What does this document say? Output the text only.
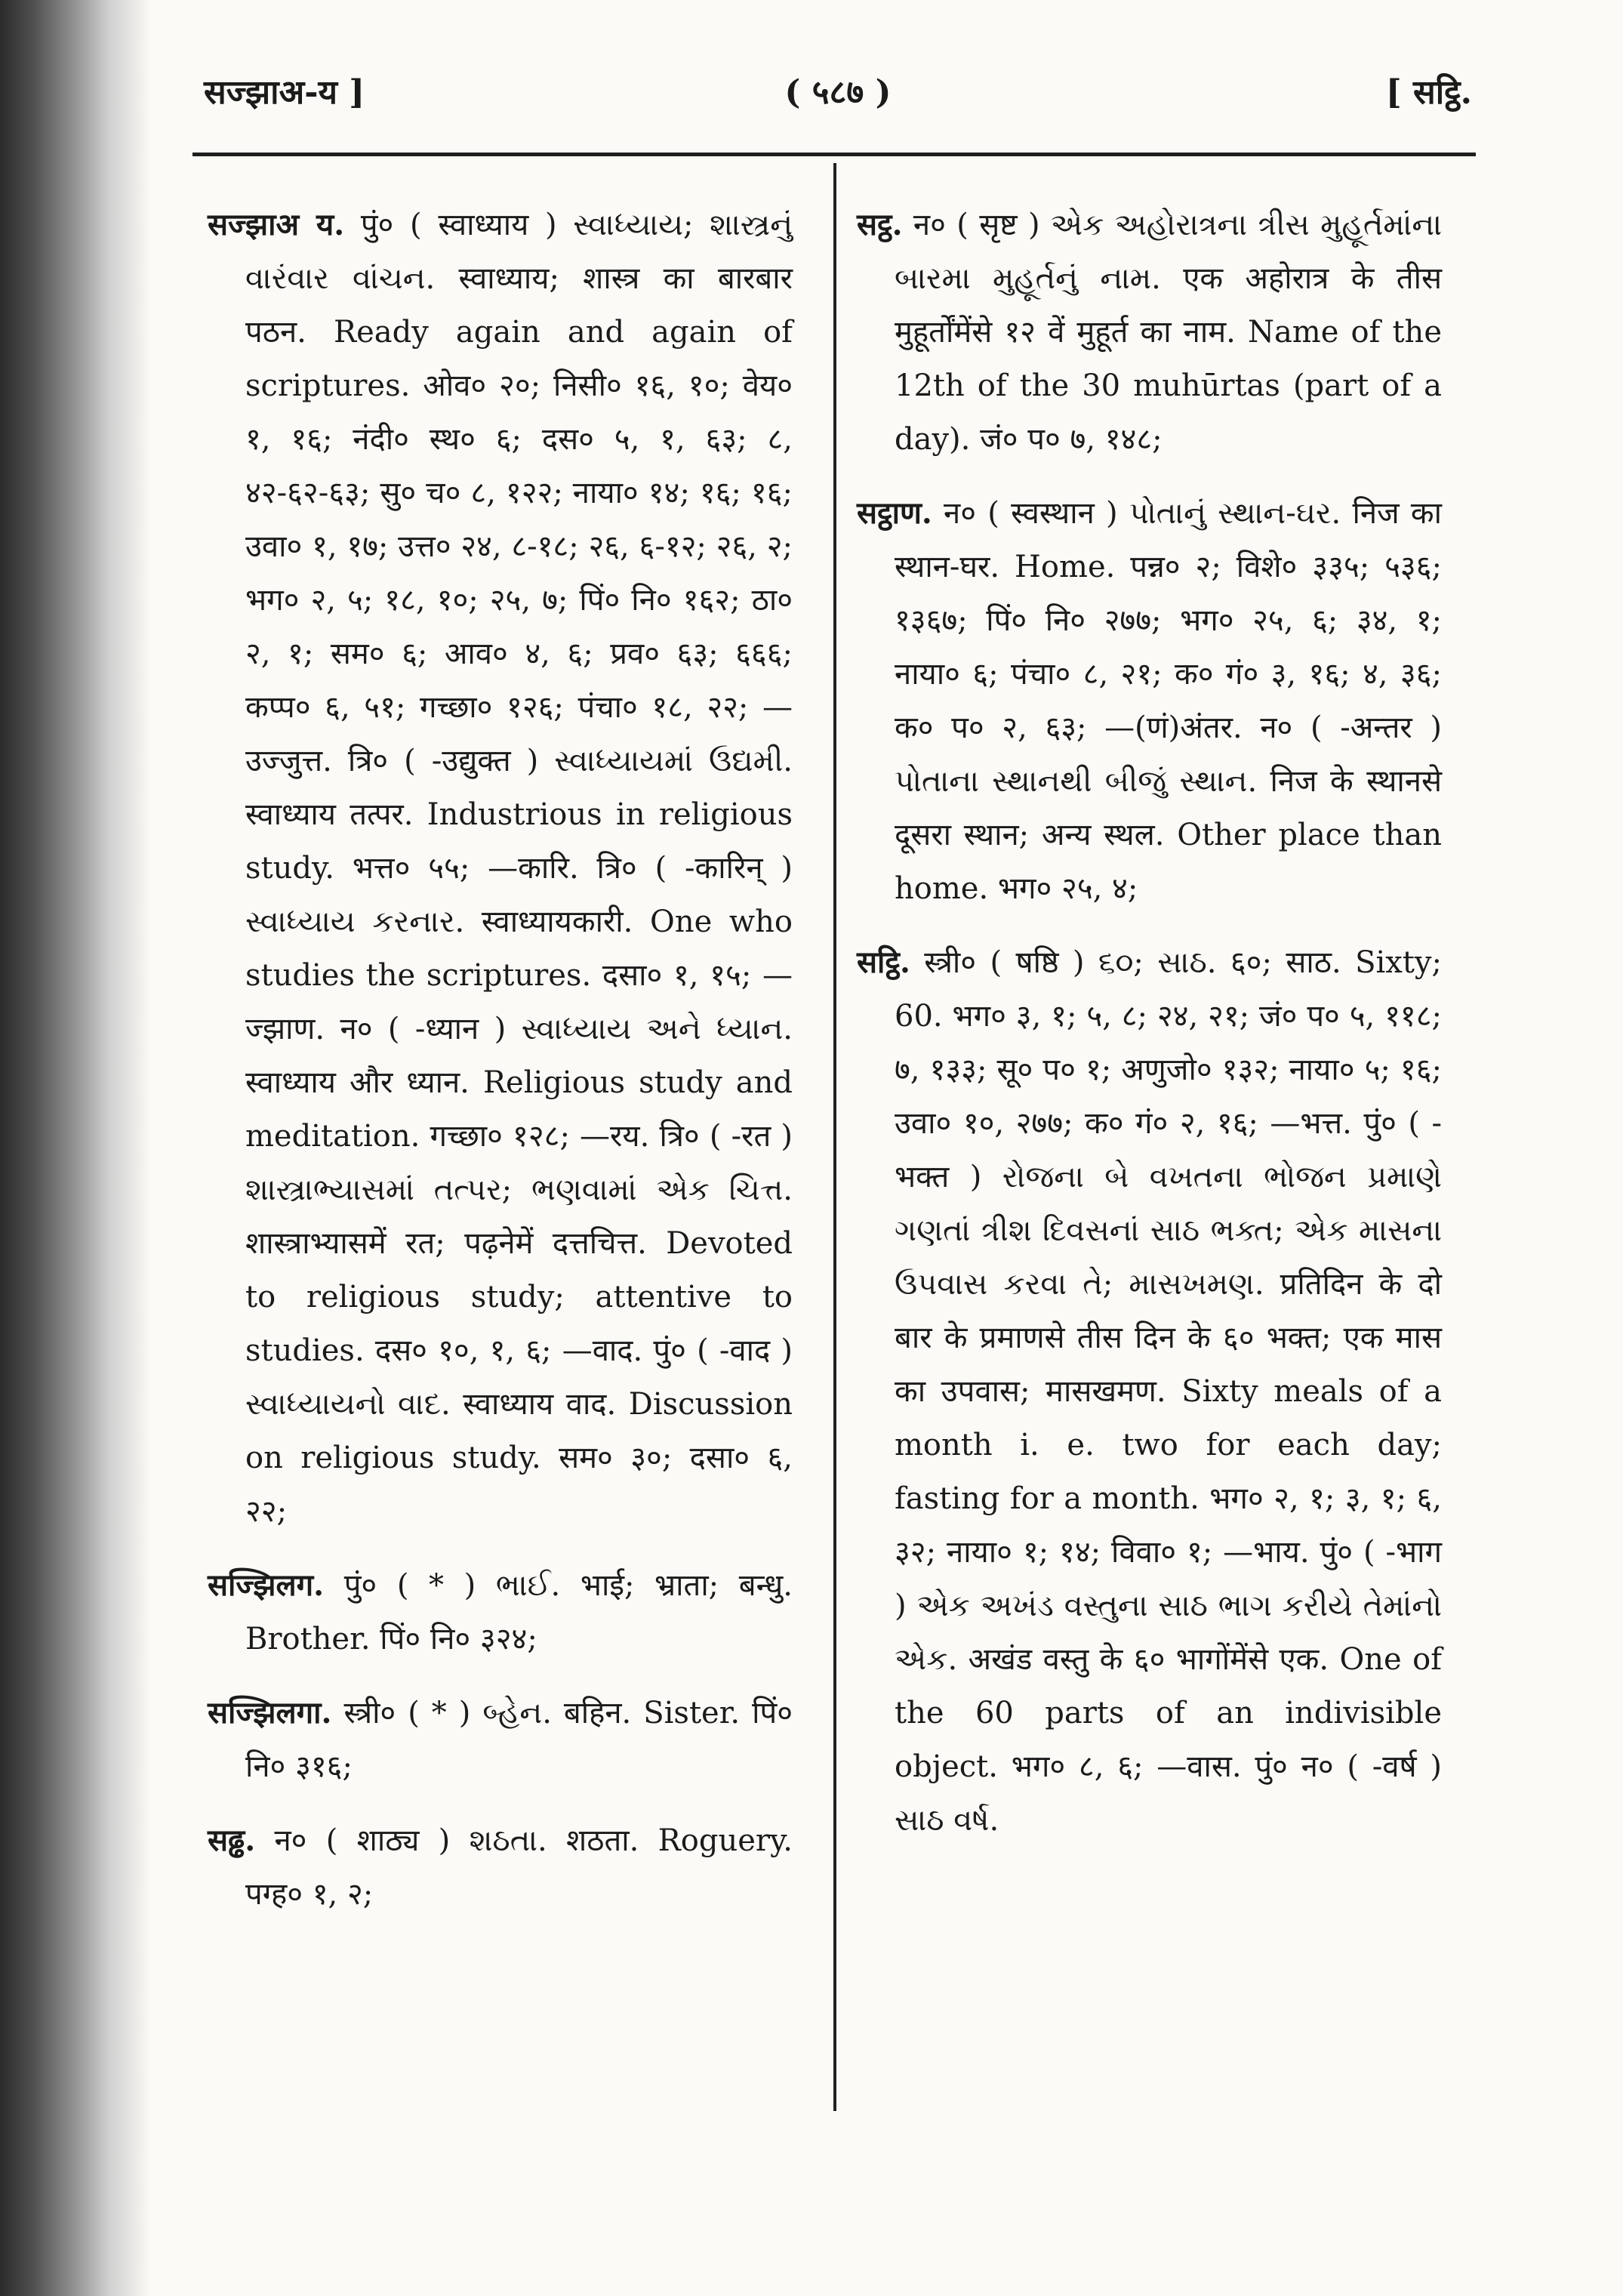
सज्झाअ-य ]	( ५८७ )	[ सट्ठि.

सज्झाअ य. पुं० ( स्वाध्याय ) સ્વાધ્યાય; શાસ્ત્રનું વારંવાર વાંચન. स्वाध्याय; शास्त्र का बारबार पठन. Ready again and again of scriptures. ओव० २०; निसी० १६, १०; वेय० १, १६; नंदी० स्थ० ६; दस० ५, १, ६३; ८, ४२-६२-६३; सु० च० ८, १२२; नाया० १४; १६; १६; उवा० १, १७; उत्त० २४, ८-१८; २६, ६-१२; २६, २; भग० २, ५; १८, १०; २५, ७; पिं० नि० १६२; ठा० २, १; सम० ६; आव० ४, ६; प्रव० ६३; ६६६; कप्प० ६, ५१; गच्छा० १२६; पंचा० १८, २२; —उज्जुत्त. त्रि० ( -उद्युक्त ) સ્વાધ્યાયમાં ઉદ્યમી. स्वाध्याय तत्पर. Industrious in religious study. भत्त० ५५; —कारि. त्रि० ( -कारिन् ) સ્વાધ્યાય કરનાર. स्वाध्यायकारी. One who studies the scriptures. दसा० १, १५; —ज्झाण. न० ( -ध्यान ) સ્વાધ્યાય અને ધ્યાન. स्वाध्याय और ध्यान. Religious study and meditation. गच्छा० १२८; —रय. त्रि० ( -रत ) શાસ્ત્રાભ્યાસમાં તત્પર; ભણવામાં એક ચિત્ત. शास्त्राभ्यासमें रत; पढ़नेमें दत्तचित्त. Devoted to religious study; attentive to studies. दस० १०, १, ६; —वाद. पुं० ( -वाद ) સ્વાધ્યાયનો વાદ. स्वाध्याय वाद. Discussion on religious study. सम० ३०; दसा० ६, २२;

सज्झिलग. पुं० ( * ) ભાઈ. भाई; भ्राता; बन्धु. Brother. पिं० नि० ३२४;

सज्झिलगा. स्त्री० ( * ) બ્હેન. बहिन. Sister. पिं० नि० ३१६;

सढ्ढ. न० ( शाठ्य ) શઠતા. शठता. Roguery. पग्ह० १, २;

सट्ठ. न० ( सृष्ट ) એક અહોરાત્રના ત્રીસ મુહૂર્તમાંના બારમા મુહૂર્તનું નામ. एक अहोरात्र के तीस मुहूर्तोंमेंसे १२ वें मुहूर्त का नाम. Name of the 12th of the 30 muhūrtas (part of a day). जं० प० ७, १४८;

सट्ठाण. न० ( स्वस्थान ) પોતાનું સ્થાન-ઘર. निज का स्थान-घर. Home. पन्न० २; विशे० ३३५; ५३६; १३६७; पिं० नि० २७७; भग० २५, ६; ३४, १; नाया० ६; पंचा० ८, २१; क० गं० ३, १६; ४, ३६; क० प० २, ६३; —(णं)अंतर. न० ( -अन्तर ) પોતાના સ્થાનથી બીજું સ્થાન. निज के स्थानसे दूसरा स्थान; अन्य स्थल. Other place than home. भग० २५, ४;

सट्ठि. स्त्री० ( षष्ठि ) ૬૦; સાઠ. ६०; साठ. Sixty; 60. भग० ३, १; ५, ८; २४, २१; जं० प० ५, ११८; ७, १३३; सू० प० १; अणुजो० १३२; नाया० ५; १६; उवा० १०, २७७; क० गं० २, १६; —भत्त. पुं० ( -भक्त ) રોજના બે વખતના ભોજન પ્રમાણે ગણતાં ત્રીશ દિવસનાં સાઠ ભક્ત; એક માસના ઉપવાસ કરવા તે; માસખમણ. प्रतिदिन के दो बार के प्रमाणसे तीस दिन के ६० भक्त; एक मास का उपवास; मासखमण. Sixty meals of a month i. e. two for each day; fasting for a month. भग० २, १; ३, १; ६, ३२; नाया० १; १४; विवा० १; —भाय. पुं० ( -भाग ) એક અખંડ વસ્તુના સાઠ ભાગ કરીયે તેમાંનો એક. अखंड वस्तु के ६० भागोंमेंसे एक. One of the 60 parts of an indivisible object. भग० ८, ६; —वास. पुं० न० ( -वर्ष ) સાઠ વર્ષ.
